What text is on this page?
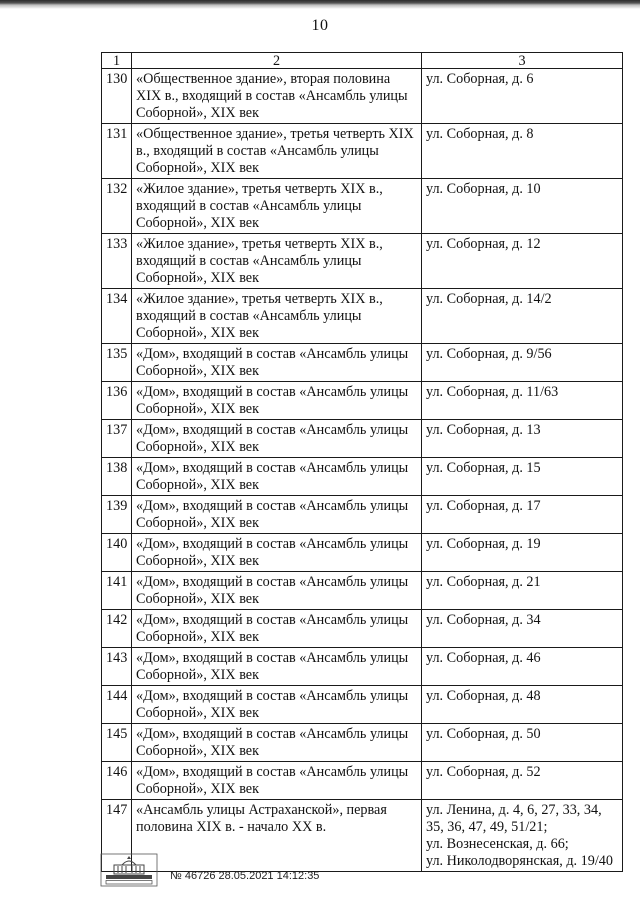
10
1	2	3
130	«Общественное здание», вторая половина XIX в., входящий в состав «Ансамбль улицы Соборной», XIX век	ул. Соборная, д. 6

131	«Общественное здание», третья четверть XIX в., входящий в состав «Ансамбль улицы Соборной», XIX век	ул. Соборная, д. 8

132	«Жилое здание», третья четверть XIX в., входящий в состав «Ансамбль улицы Соборной», XIX век	ул. Соборная, д. 10

133	«Жилое здание», третья четверть XIX в., входящий в состав «Ансамбль улицы Соборной», XIX век	ул. Соборная, д. 12

134	«Жилое здание», третья четверть XIX в., входящий в состав «Ансамбль улицы Соборной», XIX век	ул. Соборная, д. 14/2

135	«Дом», входящий в состав «Ансамбль улицы Соборной», XIX век	ул. Соборная, д. 9/56

136	«Дом», входящий в состав «Ансамбль улицы Соборной», XIX век	ул. Соборная, д. 11/63

137	«Дом», входящий в состав «Ансамбль улицы Соборной», XIX век	ул. Соборная, д. 13

138	«Дом», входящий в состав «Ансамбль улицы Соборной», XIX век	ул. Соборная, д. 15

139	«Дом», входящий в состав «Ансамбль улицы Соборной», XIX век	ул. Соборная, д. 17

140	«Дом», входящий в состав «Ансамбль улицы Соборной», XIX век	ул. Соборная, д. 19

141	«Дом», входящий в состав «Ансамбль улицы Соборной», XIX век	ул. Соборная, д. 21

142	«Дом», входящий в состав «Ансамбль улицы Соборной», XIX век	ул. Соборная, д. 34

143	«Дом», входящий в состав «Ансамбль улицы Соборной», XIX век	ул. Соборная, д. 46

144	«Дом», входящий в состав «Ансамбль улицы Соборной», XIX век	ул. Соборная, д. 48

145	«Дом», входящий в состав «Ансамбль улицы Соборной», XIX век	ул. Соборная, д. 50

146	«Дом», входящий в состав «Ансамбль улицы Соборной», XIX век	ул. Соборная, д. 52

147	«Ансамбль улицы Астраханской», первая половина XIX в. - начало XX в.	ул. Ленина, д. 4, 6, 27, 33, 34, 35, 36, 47, 49, 51/21;
ул. Вознесенская, д. 66;
ул. Николодворянская, д. 19/40
№ 46726 28.05.2021 14:12:35
